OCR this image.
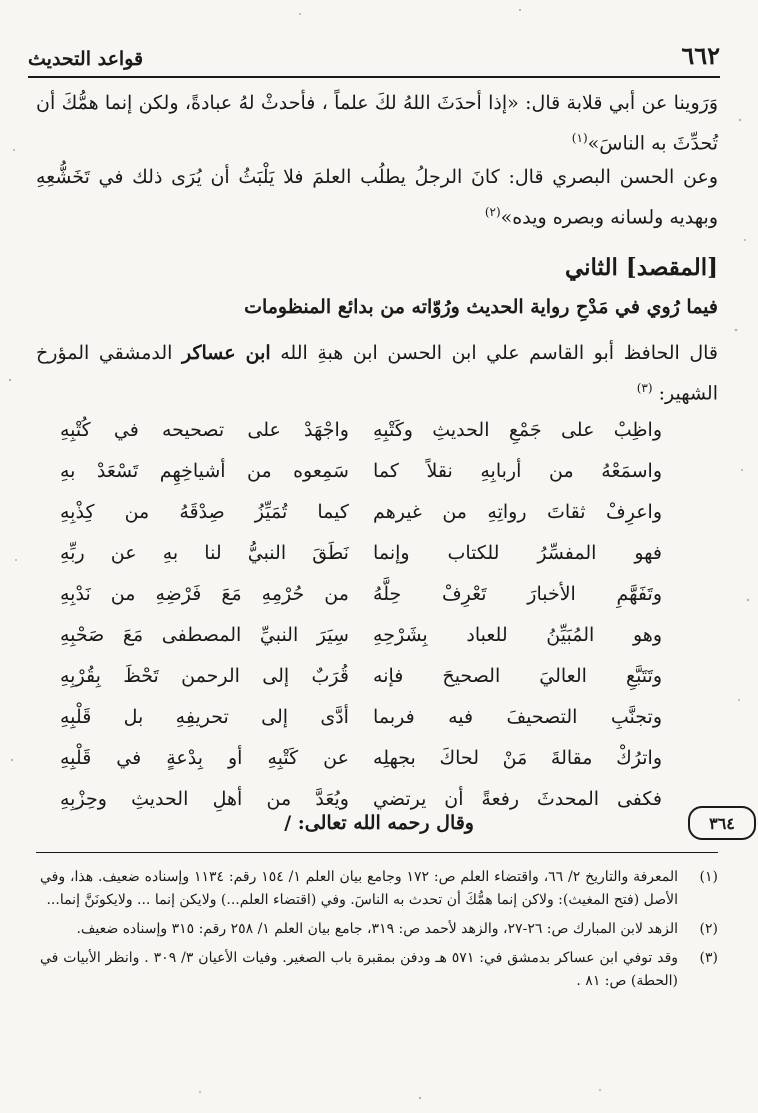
٦٦٢
قواعد التحديث
وَرَوينا عن أبي قلابة قال: «إذا أحدَثَ اللهُ لكَ علماً ، فأحدثْ لهُ عبادةً، ولكن إنما همُّكَ أن تُحدِّثَ به الناسَ»$^{(١)}$
وعن الحسن البصري قال: كانَ الرجلُ يطلُب العلمَ فلا يَلْبَثُ أن يُرَى ذلك في تَخَشُّعِهِ وبهديه ولسانه وبصره ويده»$^{(٢)}$
[المقصد] الثاني
فيما رُوي في مَدْحِ رواية الحديث ورُوّاته من بدائع المنظومات
قال الحافظ أبو القاسم علي ابن الحسن ابن هبةِ الله ابن عساكر الدمشقي المؤرخ الشهير: $^{(٣)}$
واظِبْ على جَمْعِ الحديثِ وكَتْبِهِ
واجْهَدْ على تصحيحه في كُتْبِهِ
واسمَعْهُ من أربابِهِ نقلاً كما
سَمِعوه من أشياخِهِم تَسْعَدْ بهِ
واعرِفْ ثقاتَ رواتِهِ من غيرهم
كيما تُمَيِّزُ صِدْقَهُ من كِذْبِهِ
فهو المفسِّرُ للكتاب وإنما
نَطَقَ النبيُّ لنا بهِ عن ربِّهِ
وتَفَهَّمِ الأخبارَ تَعْرِفْ حِلَّهُ
من حُرْمِهِ مَعَ فَرْضِهِ من نَدْبِهِ
وهو المُبَيِّنُ للعباد بِشَرْحِهِ
سِيَرَ النبيِّ المصطفى مَعَ صَحْبِهِ
وتَتَبَّعِ العاليَ الصحيحَ فإنه
قُرَبٌ إلى الرحمن تَحْظَ بِقُرْبِهِ
وتجنَّبِ التصحيفَ فيه فربما
أدَّى إلى تحريفِهِ بل قَلْبِهِ
واترُكْ مقالةَ مَنْ لحاكَ بجهلِه
عن كَتْبِهِ أو بِدْعةٍ في قَلْبِهِ
فكفى المحدثَ رفعةً أن يرتضي
ويُعَدَّ من أهلِ الحديثِ وحِزْبِهِ
وقال رحمه الله تعالى: /	٣٦٤
(١)
المعرفة والتاريخ ٢/ ٦٦، واقتضاء العلم ص: ١٧٢ وجامع بيان العلم ١/ ١٥٤ رقم: ١١٣٤ وإسناده ضعيف. هذا، وفي الأصل (فتح المغيث): ولاكن إنما همُّكَ أن تحدث به الناسَ. وفي (اقتضاء العلم...) ولايكن إنما ... ولايكونَنَّ إنما...
(٢)
الزهد لابن المبارك ص: ٢٦-٢٧، والزهد لأحمد ص: ٣١٩، جامع بيان العلم ١/ ٢٥٨ رقم: ٣١٥ وإسناده ضعيف.
(٣)
وقد توفي ابن عساكر بدمشق في: ٥٧١ هـ ودفن بمقبرة باب الصغير. وفيات الأعيان ٣/ ٣٠٩ . وانظر الأبيات في (الحطة) ص: ٨١ .
